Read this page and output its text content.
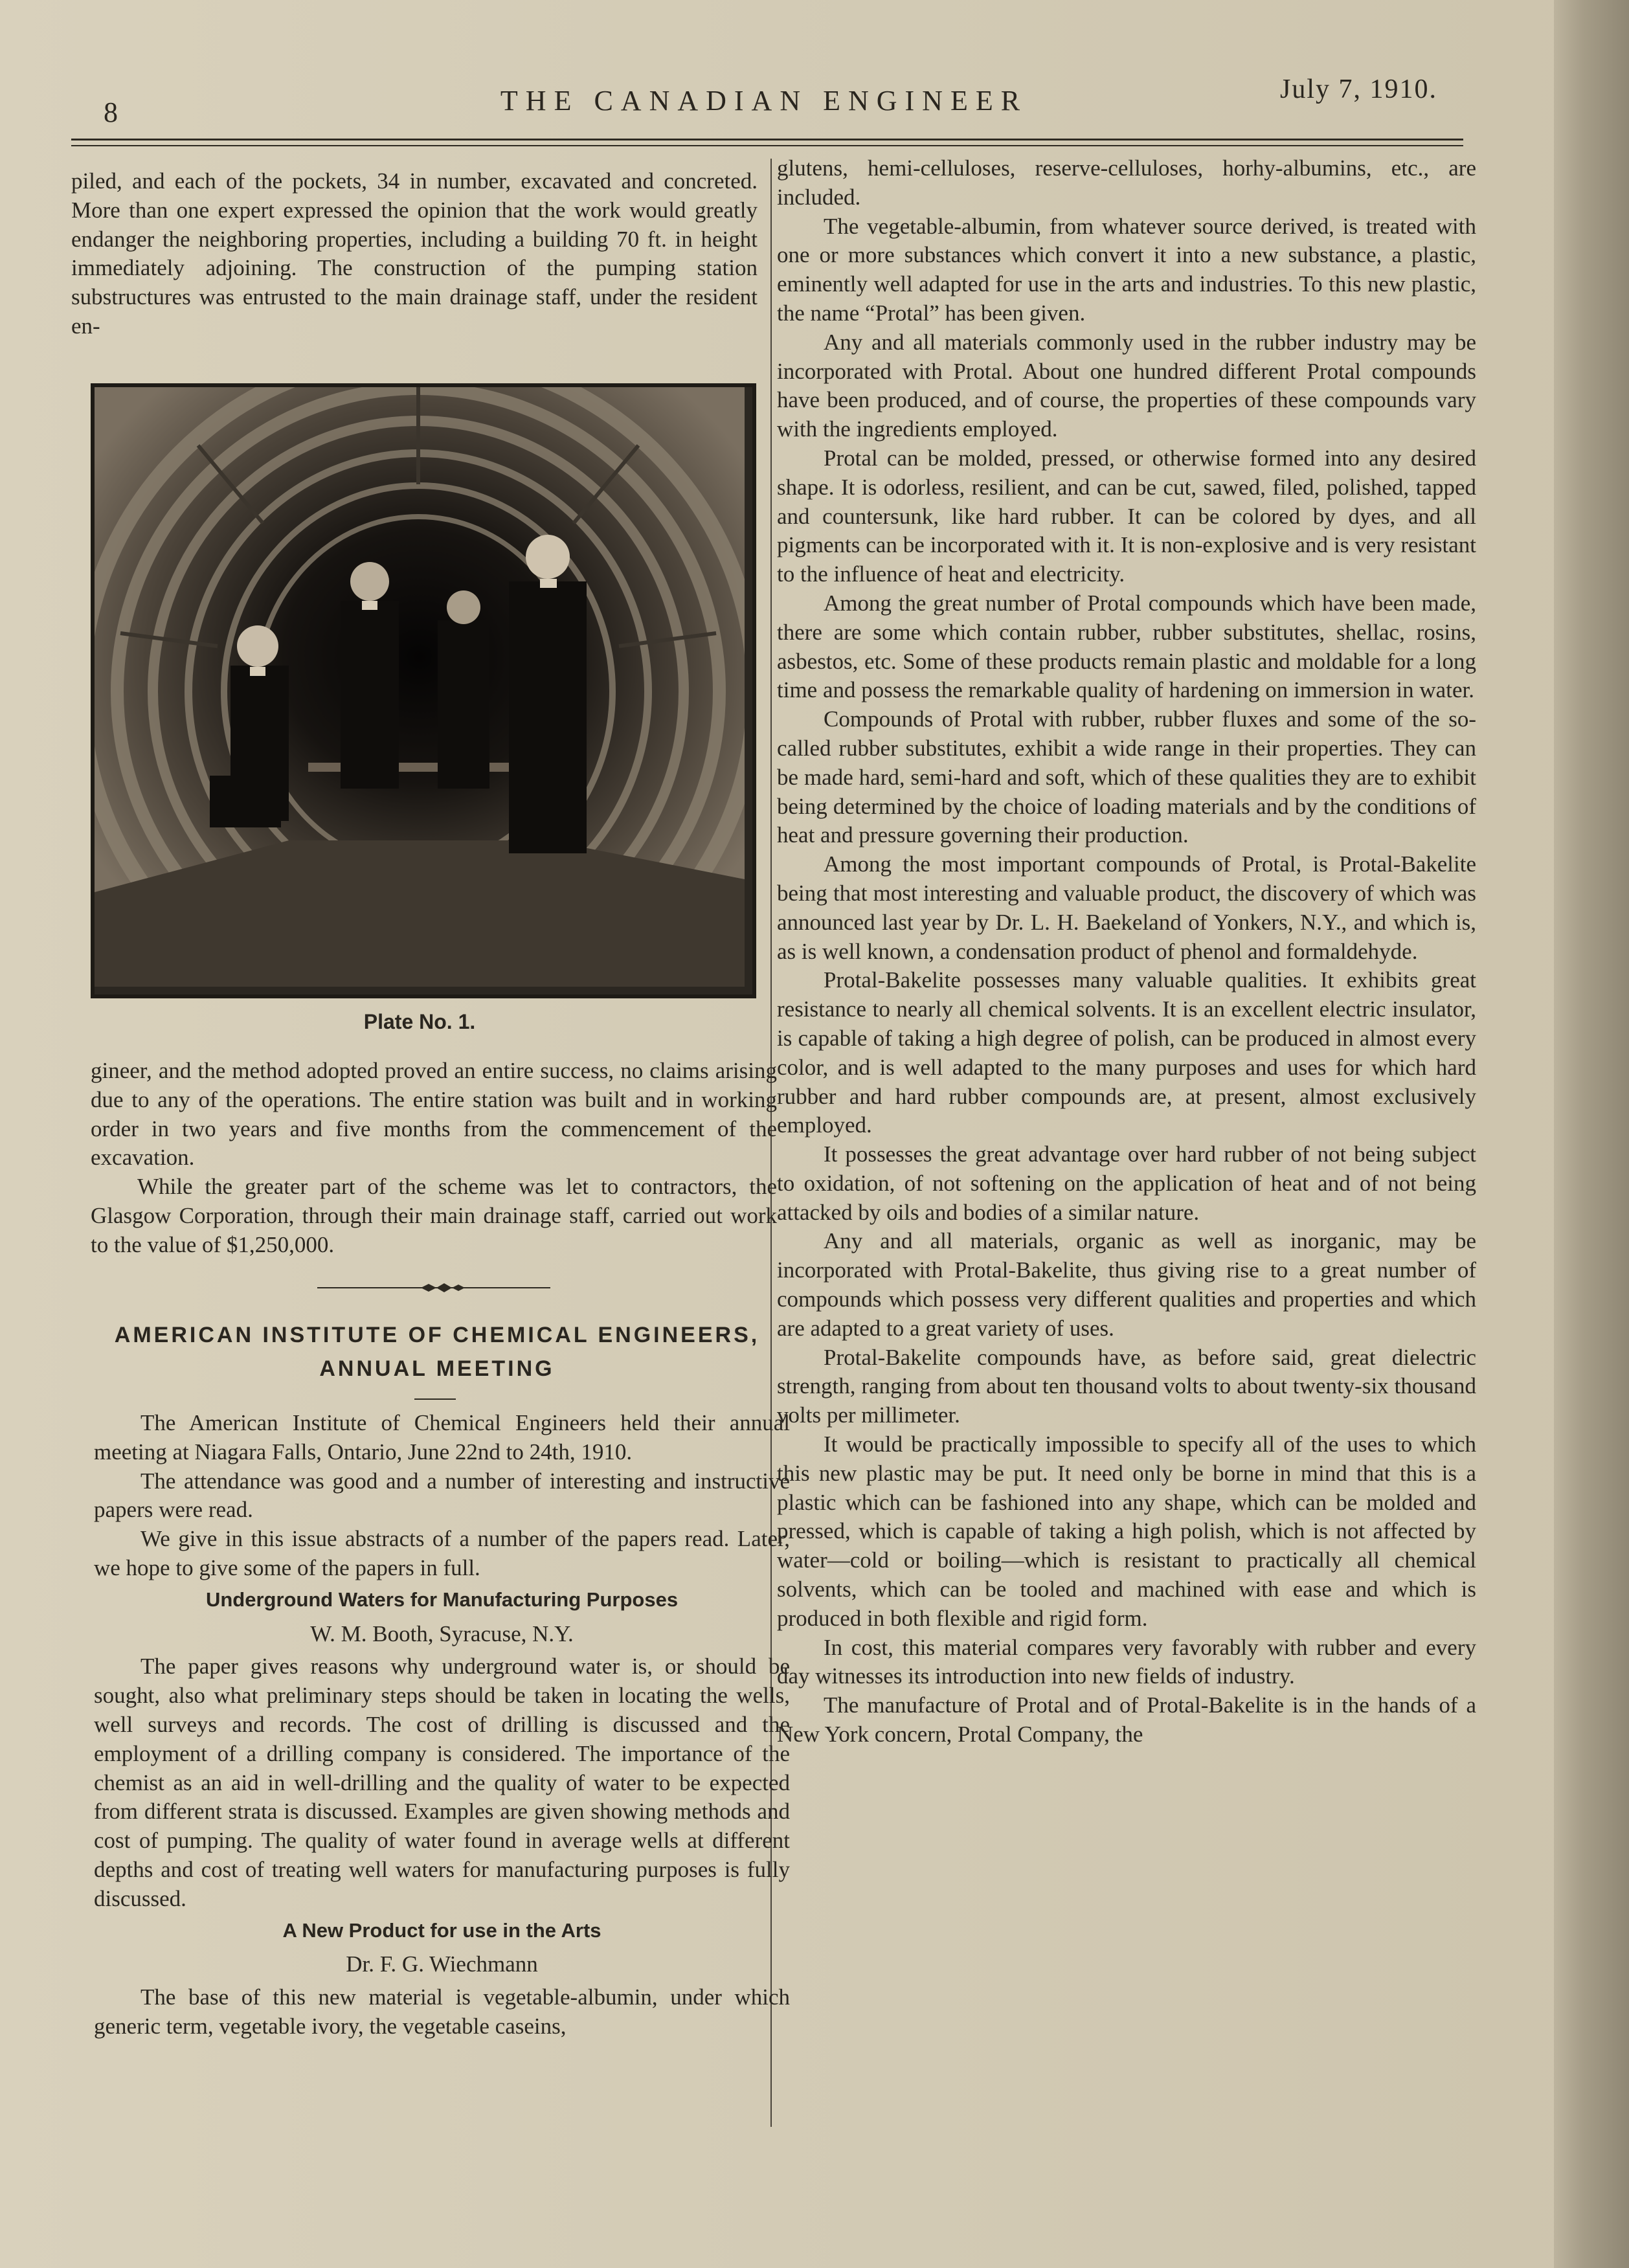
8	THE CANADIAN ENGINEER	July 7, 1910.

piled, and each of the pockets, 34 in number, excavated and concreted. More than one expert expressed the opinion that the work would greatly endanger the neighboring properties, including a building 70 ft. in height immediately adjoining. The construction of the pumping station substructures was entrusted to the main drainage staff, under the resident en-

Plate No. 1.

gineer, and the method adopted proved an entire success, no claims arising due to any of the operations. The entire station was built and in working order in two years and five months from the commencement of the excavation.

While the greater part of the scheme was let to contractors, the Glasgow Corporation, through their main drainage staff, carried out work to the value of $1,250,000.

AMERICAN INSTITUTE OF CHEMICAL ENGINEERS,
ANNUAL MEETING

The American Institute of Chemical Engineers held their annual meeting at Niagara Falls, Ontario, June 22nd to 24th, 1910.

The attendance was good and a number of interesting and instructive papers were read.

We give in this issue abstracts of a number of the papers read. Later, we hope to give some of the papers in full.

Underground Waters for Manufacturing Purposes

W. M. Booth, Syracuse, N.Y.

The paper gives reasons why underground water is, or should be sought, also what preliminary steps should be taken in locating the wells, well surveys and records. The cost of drilling is discussed and the employment of a drilling company is considered. The importance of the chemist as an aid in well-drilling and the quality of water to be expected from different strata is discussed. Examples are given showing methods and cost of pumping. The quality of water found in average wells at different depths and cost of treating well waters for manufacturing purposes is fully discussed.

A New Product for use in the Arts

Dr. F. G. Wiechmann

The base of this new material is vegetable-albumin, under which generic term, vegetable ivory, the vegetable caseins,

glutens, hemi-celluloses, reserve-celluloses, horhy-albumins, etc., are included.

The vegetable-albumin, from whatever source derived, is treated with one or more substances which convert it into a new substance, a plastic, eminently well adapted for use in the arts and industries. To this new plastic, the name “Protal” has been given.

Any and all materials commonly used in the rubber industry may be incorporated with Protal. About one hundred different Protal compounds have been produced, and of course, the properties of these compounds vary with the ingredients employed.

Protal can be molded, pressed, or otherwise formed into any desired shape. It is odorless, resilient, and can be cut, sawed, filed, polished, tapped and countersunk, like hard rubber. It can be colored by dyes, and all pigments can be incorporated with it. It is non-explosive and is very resistant to the influence of heat and electricity.

Among the great number of Protal compounds which have been made, there are some which contain rubber, rubber substitutes, shellac, rosins, asbestos, etc. Some of these products remain plastic and moldable for a long time and possess the remarkable quality of hardening on immersion in water.

Compounds of Protal with rubber, rubber fluxes and some of the so-called rubber substitutes, exhibit a wide range in their properties. They can be made hard, semi-hard and soft, which of these qualities they are to exhibit being determined by the choice of loading materials and by the conditions of heat and pressure governing their production.

Among the most important compounds of Protal, is Protal-Bakelite being that most interesting and valuable product, the discovery of which was announced last year by Dr. L. H. Baekeland of Yonkers, N.Y., and which is, as is well known, a condensation product of phenol and formaldehyde.

Protal-Bakelite possesses many valuable qualities. It exhibits great resistance to nearly all chemical solvents. It is an excellent electric insulator, is capable of taking a high degree of polish, can be produced in almost every color, and is well adapted to the many purposes and uses for which hard rubber and hard rubber compounds are, at present, almost exclusively employed.

It possesses the great advantage over hard rubber of not being subject to oxidation, of not softening on the application of heat and of not being attacked by oils and bodies of a similar nature.

Any and all materials, organic as well as inorganic, may be incorporated with Protal-Bakelite, thus giving rise to a great number of compounds which possess very different qualities and properties and which are adapted to a great variety of uses.

Protal-Bakelite compounds have, as before said, great dielectric strength, ranging from about ten thousand volts to about twenty-six thousand volts per millimeter.

It would be practically impossible to specify all of the uses to which this new plastic may be put. It need only be borne in mind that this is a plastic which can be fashioned into any shape, which can be molded and pressed, which is capable of taking a high polish, which is not affected by water—cold or boiling—which is resistant to practically all chemical solvents, which can be tooled and machined with ease and which is produced in both flexible and rigid form.

In cost, this material compares very favorably with rubber and every day witnesses its introduction into new fields of industry.

The manufacture of Protal and of Protal-Bakelite is in the hands of a New York concern, Protal Company, the
